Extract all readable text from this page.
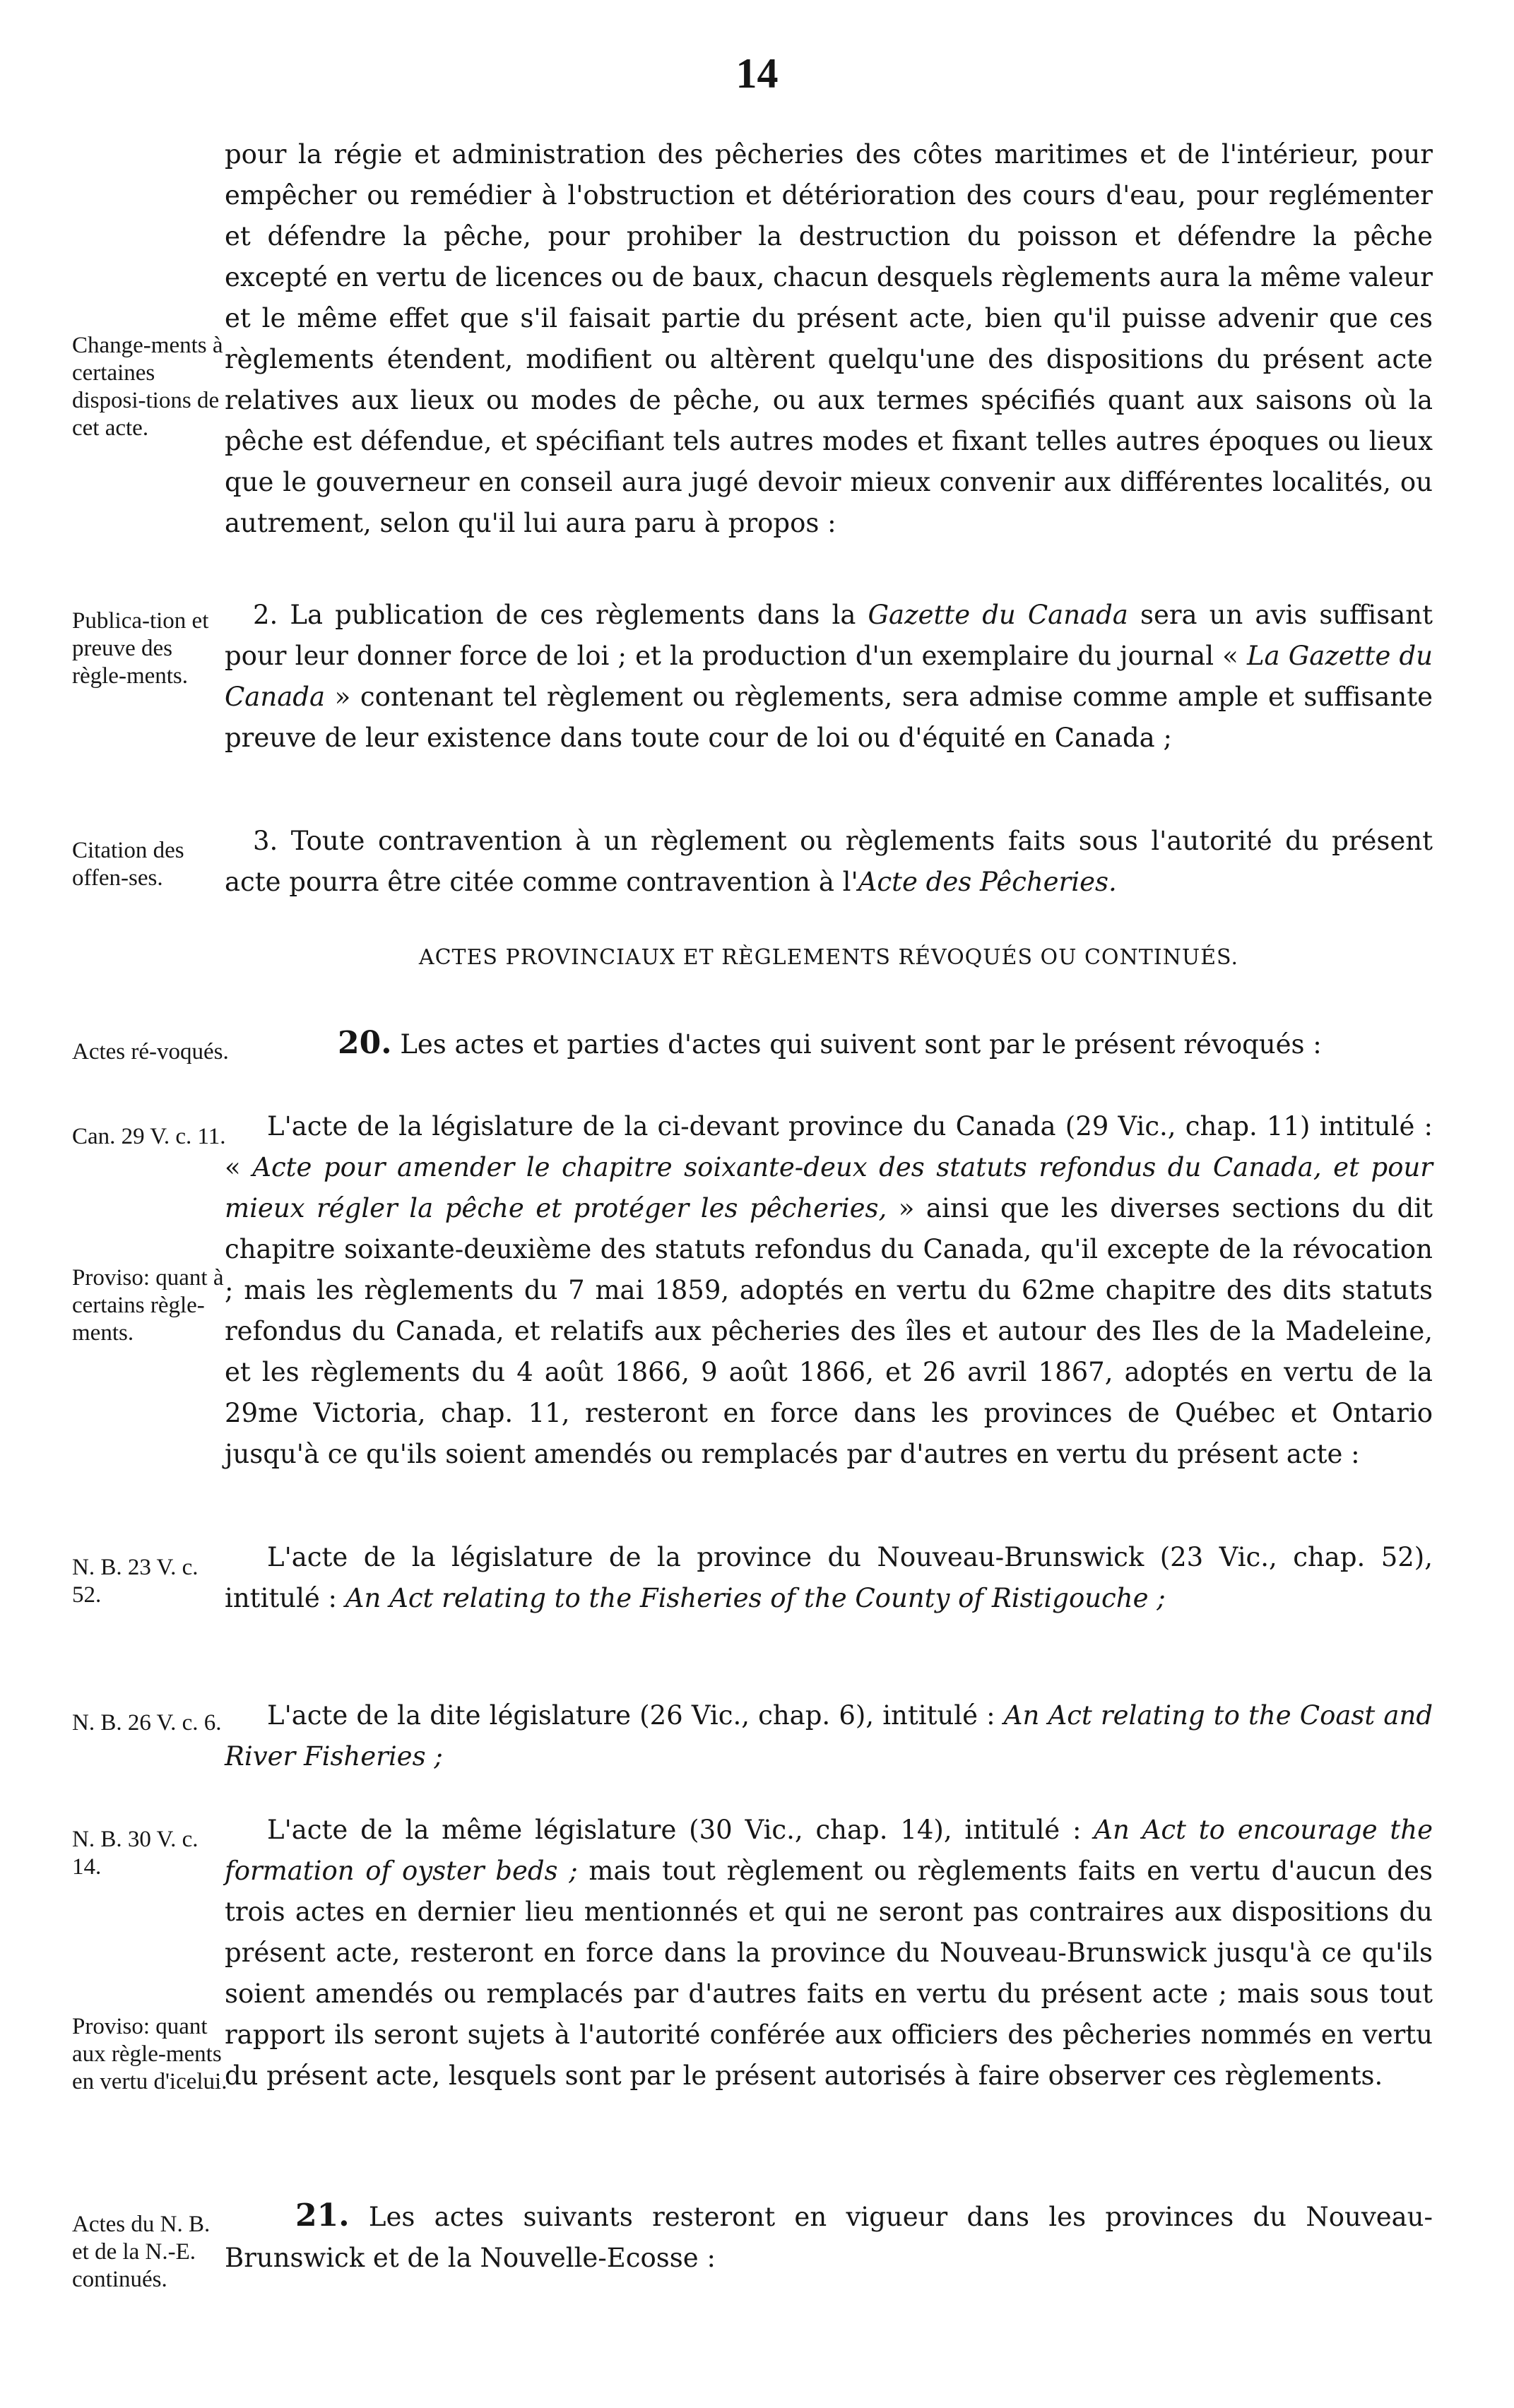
14
Change-ments à certaines disposi-tions de cet acte.
Publica-tion et preuve des règle-ments.
Citation des offen-ses.
Actes ré-voqués.
Can. 29 V. c. 11.
Proviso: quant à certains règle-ments.
N. B. 23 V. c. 52.
N. B. 26 V. c. 6.
N. B. 30 V. c. 14.
Proviso: quant aux règle-ments en vertu d'icelui.
Actes du N. B. et de la N.-E. continués.
pour la régie et administration des pêcheries des côtes maritimes et de l'intérieur, pour empêcher ou remédier à l'obstruction et détérioration des cours d'eau, pour reglémenter et défendre la pêche, pour prohiber la destruction du poisson et défendre la pêche excepté en vertu de licences ou de baux, chacun desquels règlements aura la même valeur et le même effet que s'il faisait partie du présent acte, bien qu'il puisse advenir que ces règlements étendent, modifient ou altèrent quelqu'une des dispositions du présent acte relatives aux lieux ou modes de pêche, ou aux termes spécifiés quant aux saisons où la pêche est défendue, et spécifiant tels autres modes et fixant telles autres époques ou lieux que le gouverneur en conseil aura jugé devoir mieux convenir aux différentes localités, ou autrement, selon qu'il lui aura paru à propos :
2. La publication de ces règlements dans la Gazette du Canada sera un avis suffisant pour leur donner force de loi ; et la production d'un exemplaire du journal « La Gazette du Canada » contenant tel règlement ou règlements, sera admise comme ample et suffisante preuve de leur existence dans toute cour de loi ou d'équité en Canada ;
3. Toute contravention à un règlement ou règlements faits sous l'autorité du présent acte pourra être citée comme contravention à l'Acte des Pêcheries.
ACTES PROVINCIAUX ET RÈGLEMENTS RÉVOQUÉS OU CONTINUÉS.
20. Les actes et parties d'actes qui suivent sont par le présent révoqués :
L'acte de la législature de la ci-devant province du Canada (29 Vic., chap. 11) intitulé : « Acte pour amender le chapitre soixante-deux des statuts refondus du Canada, et pour mieux régler la pêche et protéger les pêcheries, » ainsi que les diverses sections du dit chapitre soixante-deuxième des statuts refondus du Canada, qu'il excepte de la révocation ; mais les règlements du 7 mai 1859, adoptés en vertu du 62me chapitre des dits statuts refondus du Canada, et relatifs aux pêcheries des îles et autour des Iles de la Madeleine, et les règlements du 4 août 1866, 9 août 1866, et 26 avril 1867, adoptés en vertu de la 29me Victoria, chap. 11, resteront en force dans les provinces de Québec et Ontario jusqu'à ce qu'ils soient amendés ou remplacés par d'autres en vertu du présent acte :
L'acte de la législature de la province du Nouveau-Brunswick (23 Vic., chap. 52), intitulé : An Act relating to the Fisheries of the County of Ristigouche ;
L'acte de la dite législature (26 Vic., chap. 6), intitulé : An Act relating to the Coast and River Fisheries ;
L'acte de la même législature (30 Vic., chap. 14), intitulé : An Act to encourage the formation of oyster beds ; mais tout règlement ou règlements faits en vertu d'aucun des trois actes en dernier lieu mentionnés et qui ne seront pas contraires aux dispositions du présent acte, resteront en force dans la province du Nouveau-Brunswick jusqu'à ce qu'ils soient amendés ou remplacés par d'autres faits en vertu du présent acte ; mais sous tout rapport ils seront sujets à l'autorité conférée aux officiers des pêcheries nommés en vertu du présent acte, lesquels sont par le présent autorisés à faire observer ces règlements.
21. Les actes suivants resteront en vigueur dans les provinces du Nouveau-Brunswick et de la Nouvelle-Ecosse :
